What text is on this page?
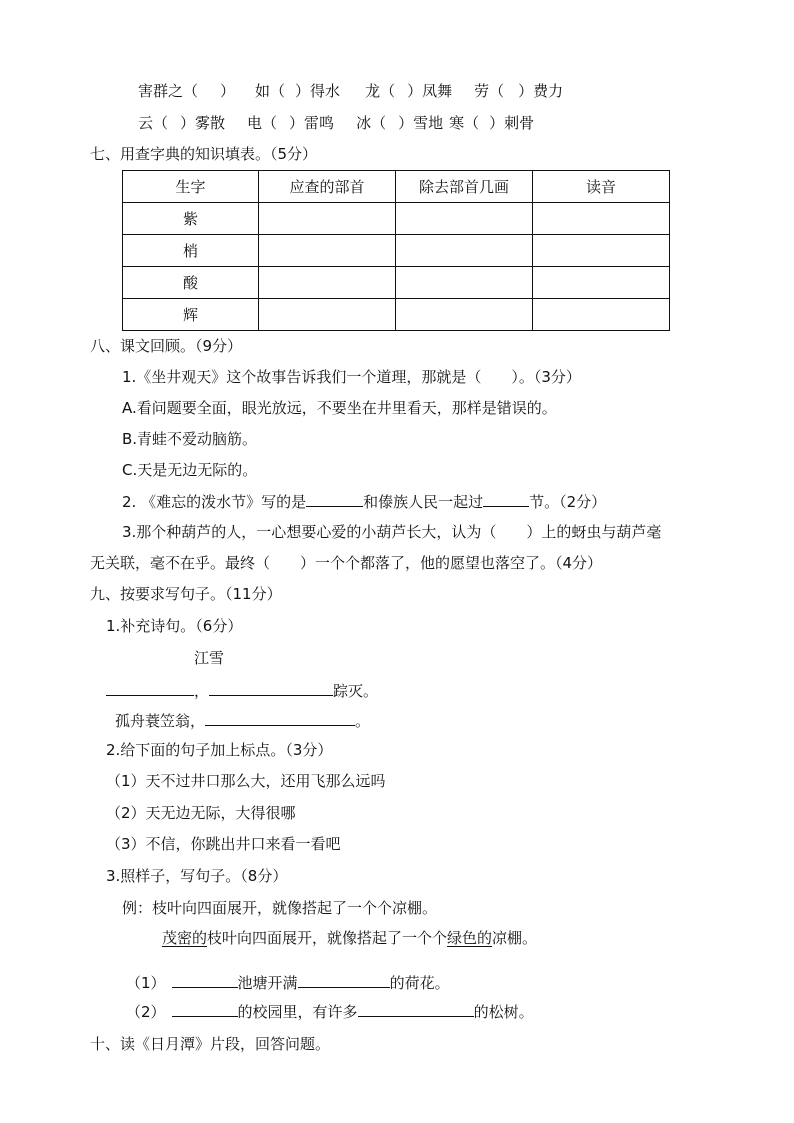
害群之（ ） 如（ ）得水 龙（ ）凤舞 劳（ ）费力
云（ ）雾散 电（ ）雷鸣 冰（ ）雪地 寒（ ）刺骨
七、用查字典的知识填表。（5分）
生字	应查的部首	除去部首几画	读音
紫			
梢			
酸			
辉			
八、课文回顾。（9分）
1.《坐井观天》这个故事告诉我们一个道理，那就是（　　）。（3分）
A.看问题要全面，眼光放远，不要坐在井里看天，那样是错误的。
B.青蛙不爱动脑筋。
C.天是无边无际的。
2. 《难忘的泼水节》写的是	和傣族人民一起过	节。（2分）
3.那个种葫芦的人，一心想要心爱的小葫芦长大，认为（　　）上的蚜虫与葫芦毫
无关联，毫不在乎。最终（　　）一个个都落了，他的愿望也落空了。（4分）
九、按要求写句子。（11分）
1.补充诗句。（6分）
江雪
，	踪灭。
孤舟蓑笠翁，	。
2.给下面的句子加上标点。（3分）
（1）天不过井口那么大，还用飞那么远吗
（2）天无边无际，大得很哪
（3）不信，你跳出井口来看一看吧
3.照样子，写句子。（8分）
例：枝叶向四面展开，就像搭起了一个个凉棚。
茂密的枝叶向四面展开，就像搭起了一个个绿色的凉棚。
（1）	池塘开满	的荷花。
（2）	的校园里，有许多	的松树。
十、读《日月潭》片段，回答问题。
